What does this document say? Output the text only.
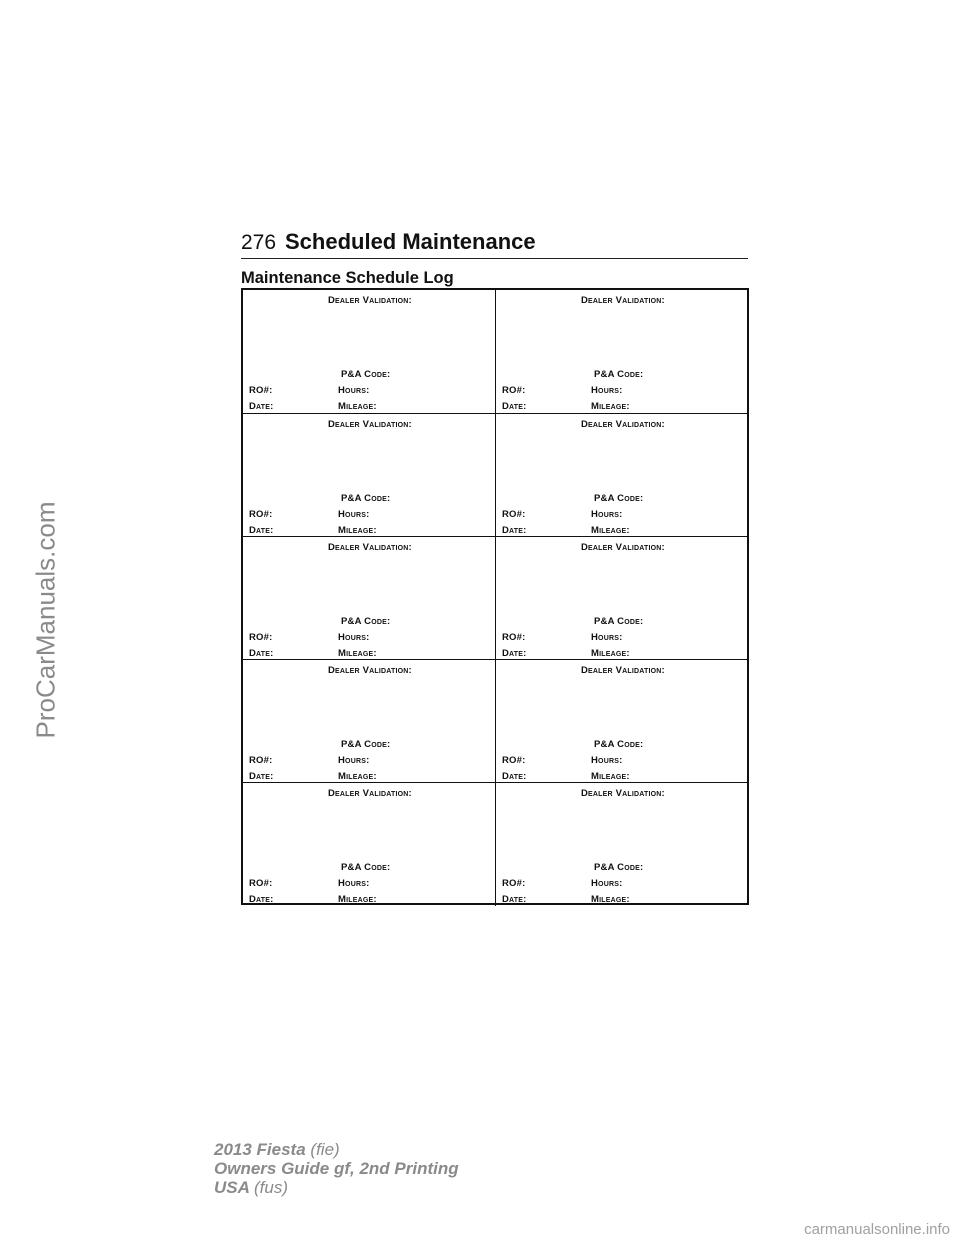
276 Scheduled Maintenance
Maintenance Schedule Log
Dealer Validation:
P&A Code:
RO#:	Hours:
Date:	Mileage:
Dealer Validation:
P&A Code:
RO#:	Hours:
Date:	Mileage:
Dealer Validation:
P&A Code:
RO#:	Hours:
Date:	Mileage:
Dealer Validation:
P&A Code:
RO#:	Hours:
Date:	Mileage:
Dealer Validation:
P&A Code:
RO#:	Hours:
Date:	Mileage:
Dealer Validation:
P&A Code:
RO#:	Hours:
Date:	Mileage:
Dealer Validation:
P&A Code:
RO#:	Hours:
Date:	Mileage:
Dealer Validation:
P&A Code:
RO#:	Hours:
Date:	Mileage:
Dealer Validation:
P&A Code:
RO#:	Hours:
Date:	Mileage:
Dealer Validation:
P&A Code:
RO#:	Hours:
Date:	Mileage:
ProCarManuals.com
2013 Fiesta (fie)
Owners Guide gf, 2nd Printing
USA (fus)
carmanualsonline.info
